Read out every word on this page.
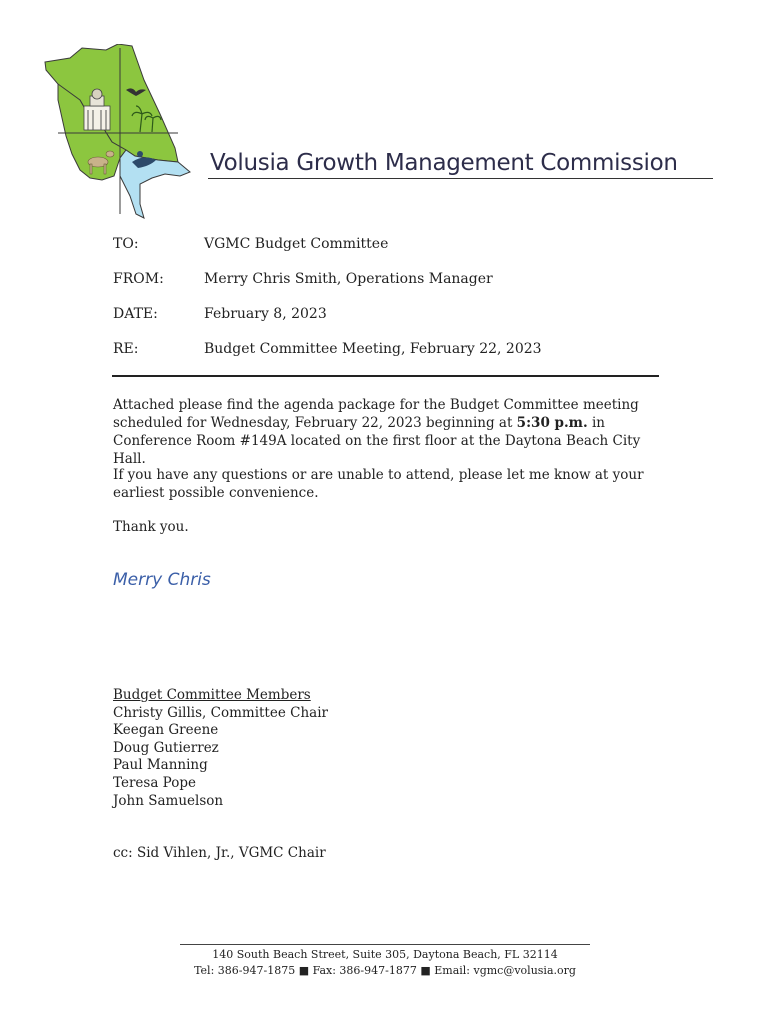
Volusia Growth Management Commission
TO:	VGMC Budget Committee
FROM:	Merry Chris Smith, Operations Manager
DATE:	February 8, 2023
RE:	Budget Committee Meeting, February 22, 2023
Attached please find the agenda package for the Budget Committee meeting scheduled for Wednesday, February 22, 2023 beginning at 5:30 p.m. in Conference Room #149A located on the first floor at the Daytona Beach City Hall.
If you have any questions or are unable to attend, please let me know at your earliest possible convenience.
Thank you.
Merry Chris
Budget Committee Members
Christy Gillis, Committee Chair
Keegan Greene
Doug Gutierrez
Paul Manning
Teresa Pope
John Samuelson
cc: Sid Vihlen, Jr., VGMC Chair
140 South Beach Street, Suite 305, Daytona Beach, FL 32114
Tel: 386-947-1875 ■ Fax: 386-947-1877 ■ Email: vgmc@volusia.org
